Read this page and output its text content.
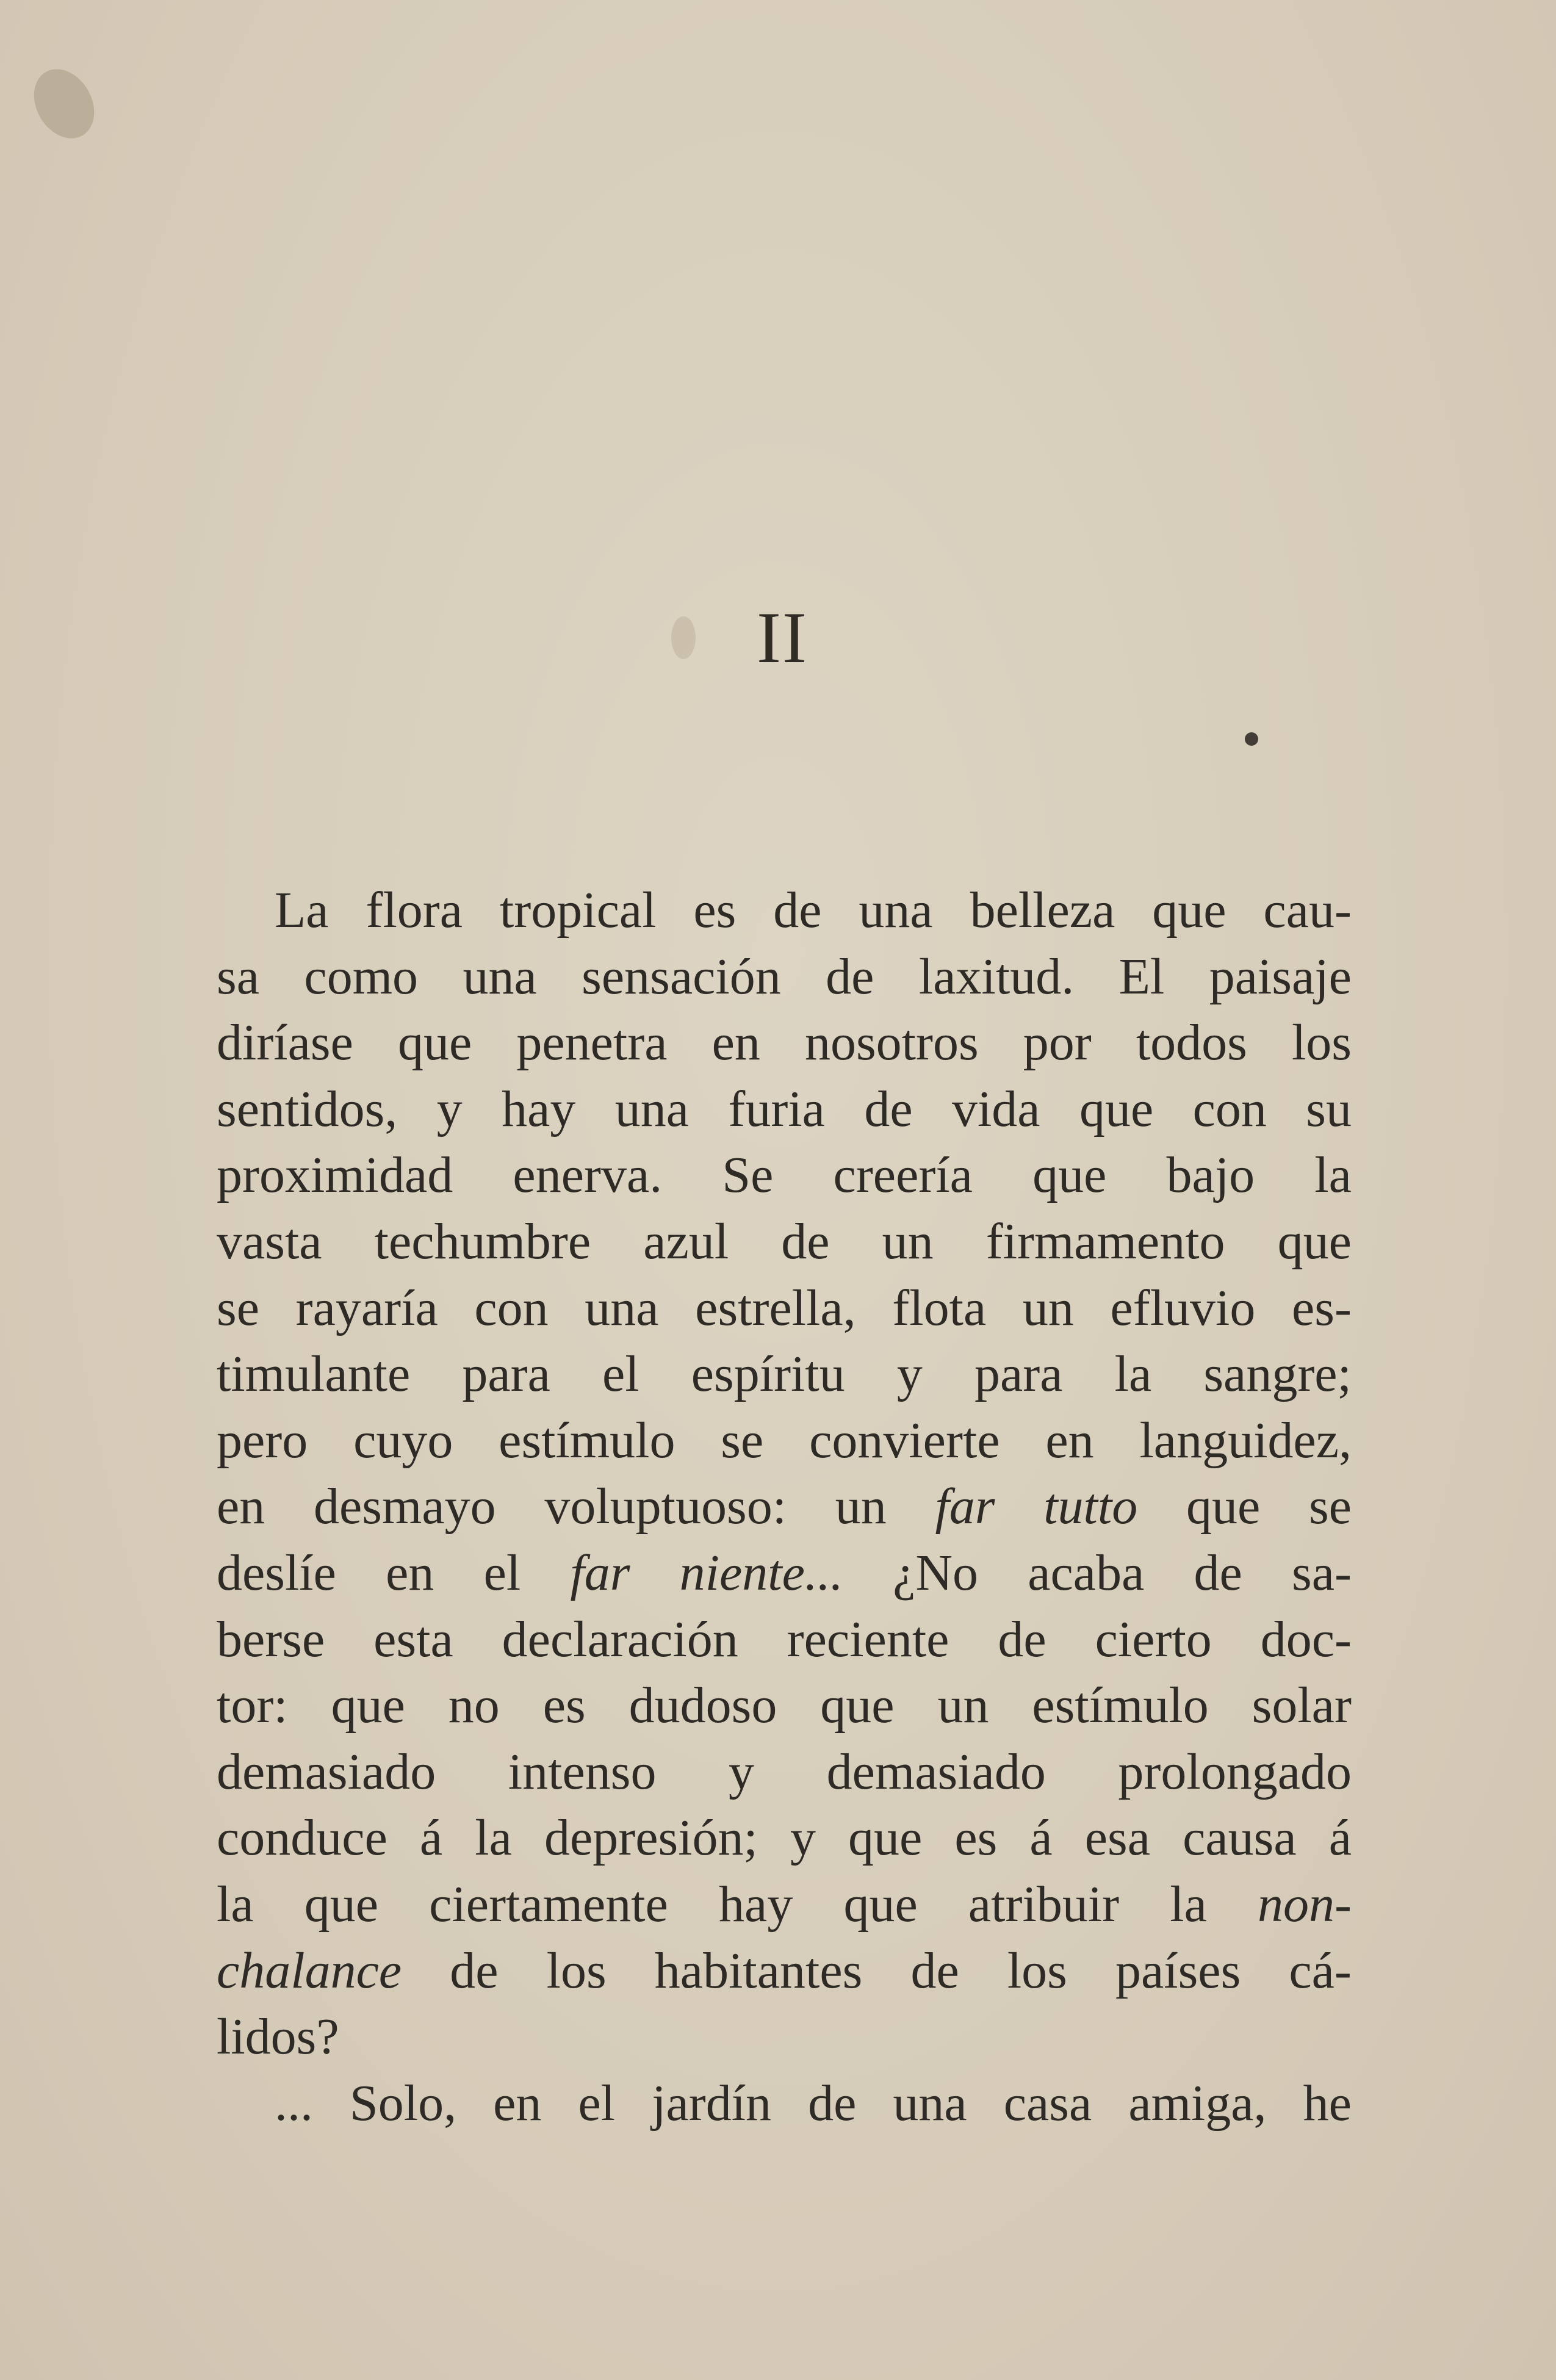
II
La flora tropical es de una belleza que cau-
sa como una sensación de laxitud. El paisaje
diríase que penetra en nosotros por todos los
sentidos, y hay una furia de vida que con su
proximidad enerva. Se creería que bajo la
vasta techumbre azul de un firmamento que
se rayaría con una estrella, flota un efluvio es-
timulante para el espíritu y para la sangre;
pero cuyo estímulo se convierte en languidez,
en desmayo voluptuoso: un far tutto que se
deslíe en el far niente... ¿No acaba de sa-
berse esta declaración reciente de cierto doc-
tor: que no es dudoso que un estímulo solar
demasiado intenso y demasiado prolongado
conduce á la depresión; y que es á esa causa á
la que ciertamente hay que atribuir la non-
chalance de los habitantes de los países cá-
lidos?
... Solo, en el jardín de una casa amiga, he
